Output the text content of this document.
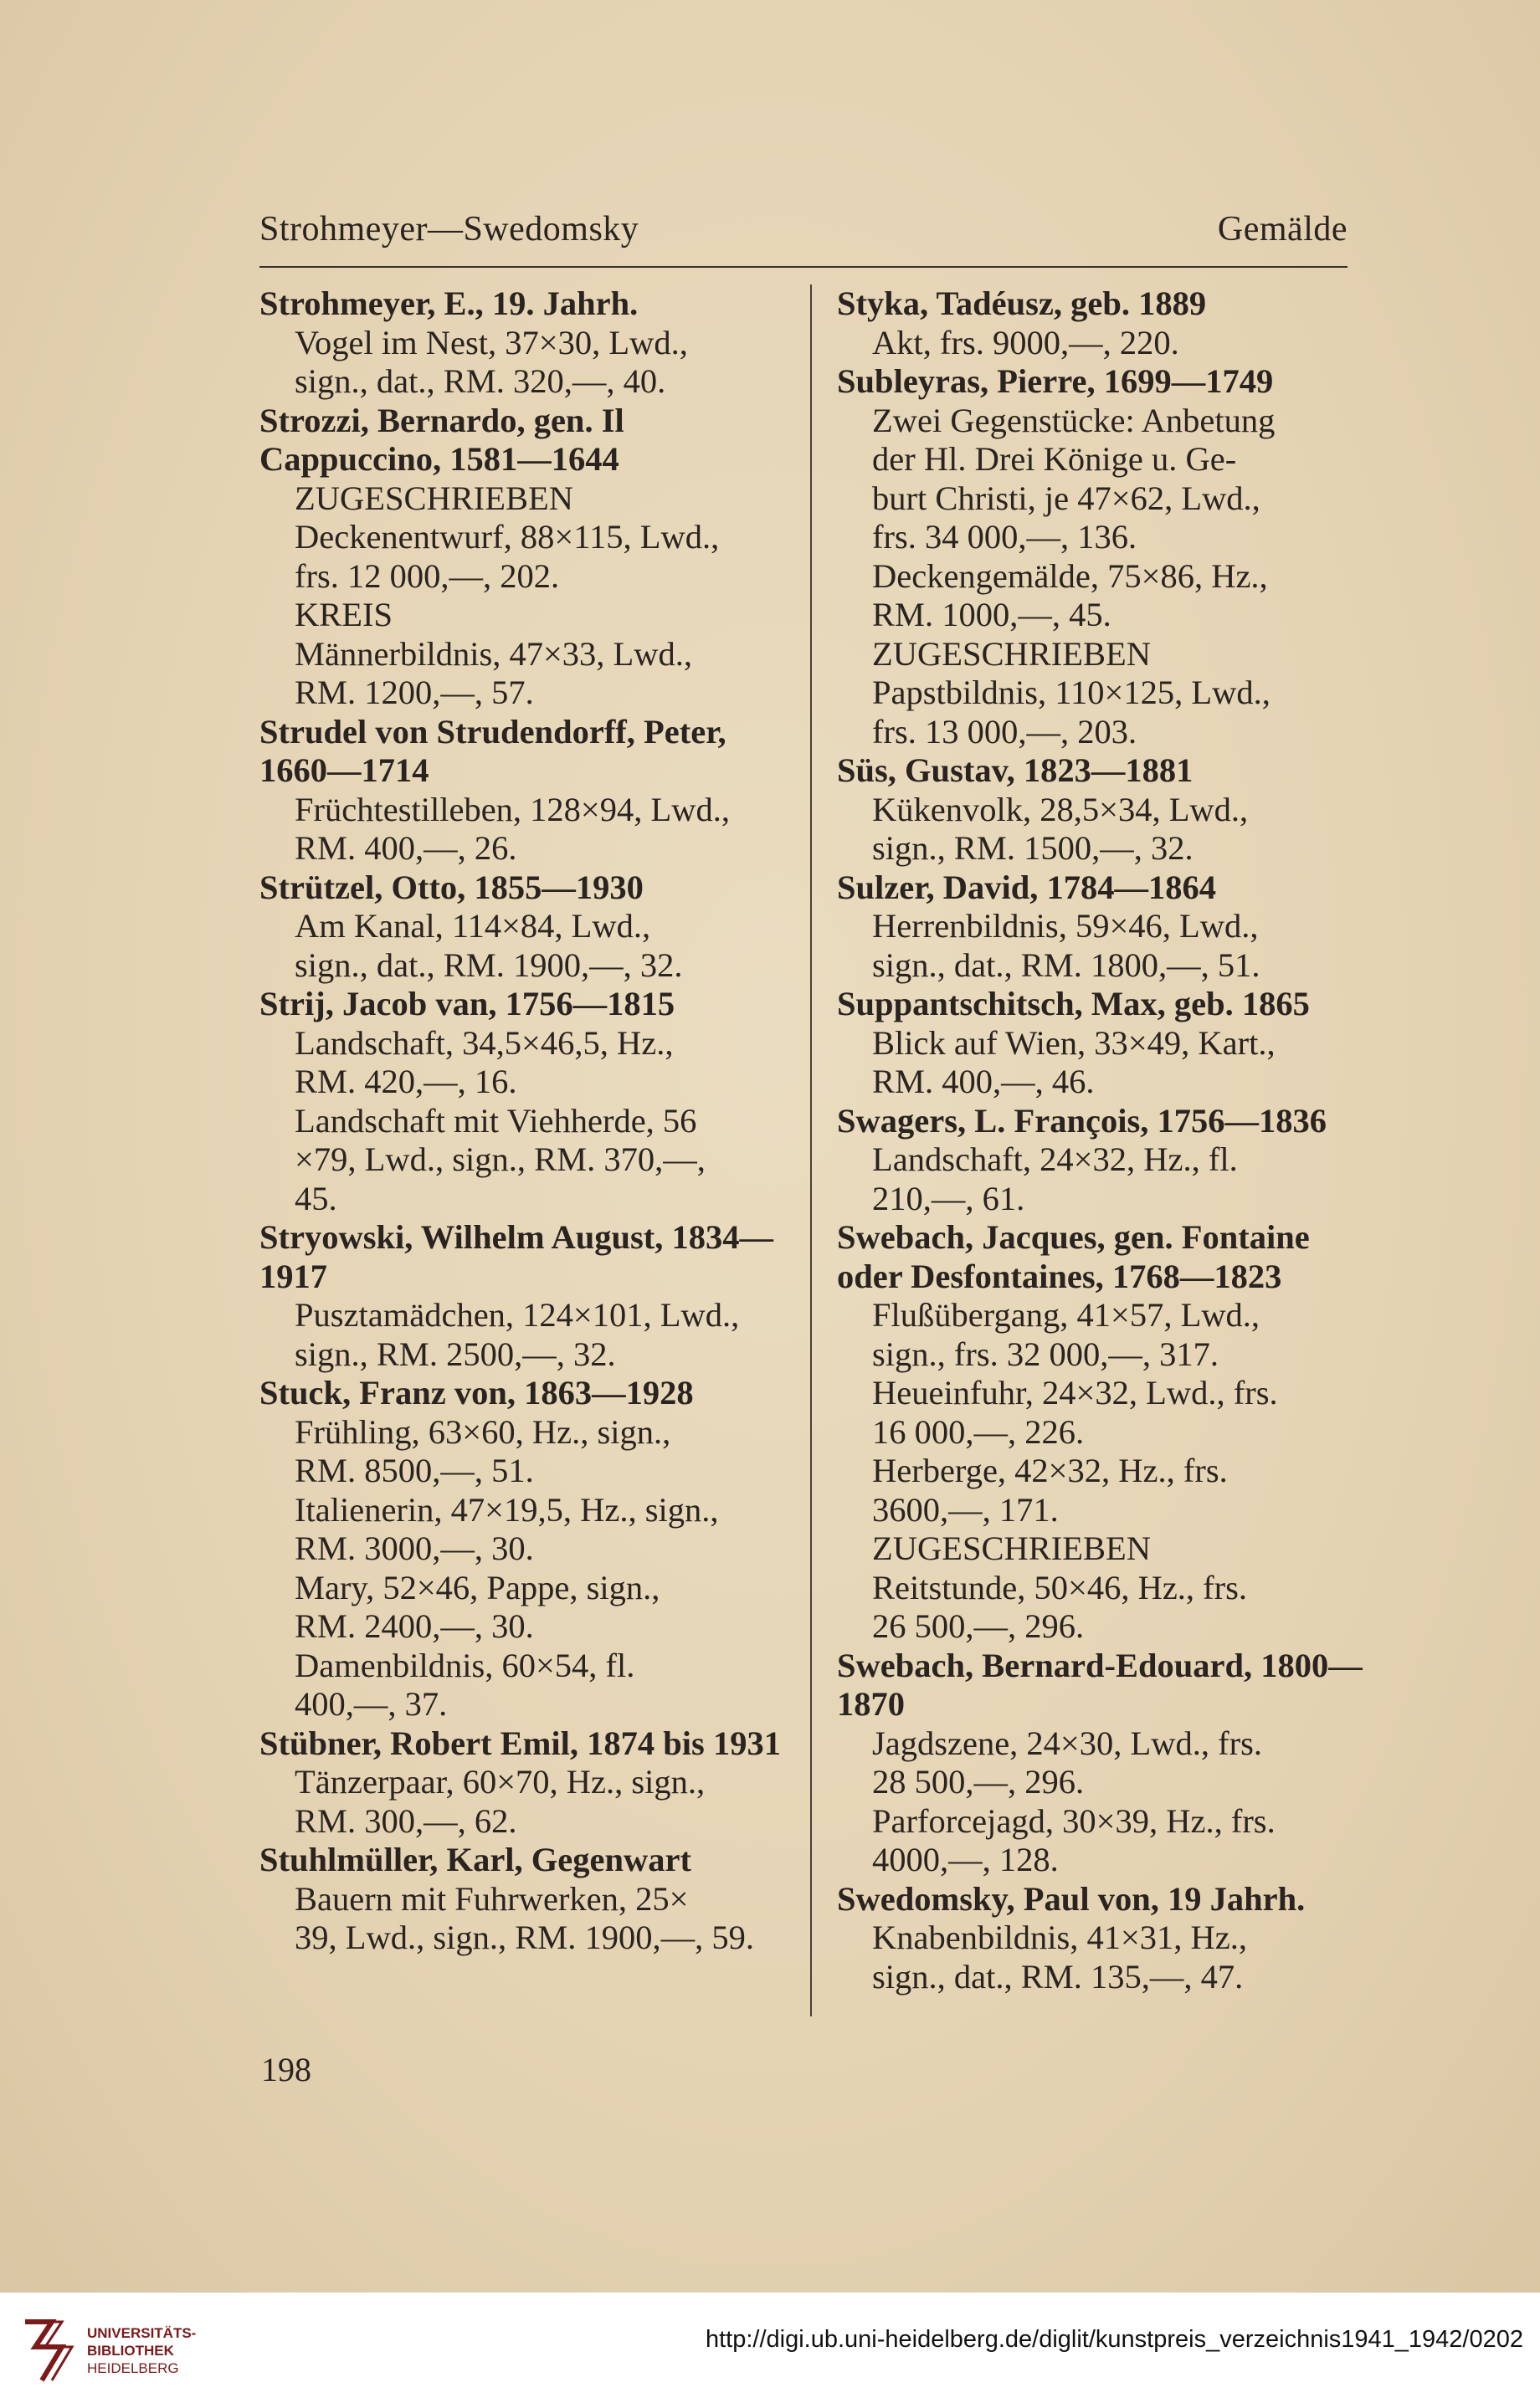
Strohmeyer—Swedomsky	Gemälde
Strohmeyer, E., 19. Jahrh.
Vogel im Nest, 37×30, Lwd.,
sign., dat., RM. 320,—, 40.
Strozzi, Bernardo, gen. Il Cappuccino, 1581—1644
ZUGESCHRIEBEN
Deckenentwurf, 88×115, Lwd.,
frs. 12 000,—, 202.
KREIS
Männerbildnis, 47×33, Lwd.,
RM. 1200,—, 57.
Strudel von Strudendorff, Peter, 1660—1714
Früchtestilleben, 128×94, Lwd.,
RM. 400,—, 26.
Strützel, Otto, 1855—1930
Am Kanal, 114×84, Lwd.,
sign., dat., RM. 1900,—, 32.
Strij, Jacob van, 1756—1815
Landschaft, 34,5×46,5, Hz.,
RM. 420,—, 16.
Landschaft mit Viehherde, 56
×79, Lwd., sign., RM. 370,—,
45.
Stryowski, Wilhelm August, 1834—1917
Pusztamädchen, 124×101, Lwd.,
sign., RM. 2500,—, 32.
Stuck, Franz von, 1863—1928
Frühling, 63×60, Hz., sign.,
RM. 8500,—, 51.
Italienerin, 47×19,5, Hz., sign.,
RM. 3000,—, 30.
Mary, 52×46, Pappe, sign.,
RM. 2400,—, 30.
Damenbildnis, 60×54, fl.
400,—, 37.
Stübner, Robert Emil, 1874 bis 1931
Tänzerpaar, 60×70, Hz., sign.,
RM. 300,—, 62.
Stuhlmüller, Karl, Gegenwart
Bauern mit Fuhrwerken, 25×
39, Lwd., sign., RM. 1900,—, 59.
Styka, Tadéusz, geb. 1889
Akt, frs. 9000,—, 220.
Subleyras, Pierre, 1699—1749
Zwei Gegenstücke: Anbetung
der Hl. Drei Könige u. Ge-
burt Christi, je 47×62, Lwd.,
frs. 34 000,—, 136.
Deckengemälde, 75×86, Hz.,
RM. 1000,—, 45.
ZUGESCHRIEBEN
Papstbildnis, 110×125, Lwd.,
frs. 13 000,—, 203.
Süs, Gustav, 1823—1881
Kükenvolk, 28,5×34, Lwd.,
sign., RM. 1500,—, 32.
Sulzer, David, 1784—1864
Herrenbildnis, 59×46, Lwd.,
sign., dat., RM. 1800,—, 51.
Suppantschitsch, Max, geb. 1865
Blick auf Wien, 33×49, Kart.,
RM. 400,—, 46.
Swagers, L. François, 1756—1836
Landschaft, 24×32, Hz., fl.
210,—, 61.
Swebach, Jacques, gen. Fontaine oder Desfontaines, 1768—1823
Flußübergang, 41×57, Lwd.,
sign., frs. 32 000,—, 317.
Heueinfuhr, 24×32, Lwd., frs.
16 000,—, 226.
Herberge, 42×32, Hz., frs.
3600,—, 171.
ZUGESCHRIEBEN
Reitstunde, 50×46, Hz., frs.
26 500,—, 296.
Swebach, Bernard-Edouard, 1800—1870
Jagdszene, 24×30, Lwd., frs.
28 500,—, 296.
Parforcejagd, 30×39, Hz., frs.
4000,—, 128.
Swedomsky, Paul von, 19 Jahrh.
Knabenbildnis, 41×31, Hz.,
sign., dat., RM. 135,—, 47.
198
UNIVERSITÄTS-
BIBLIOTHEK
HEIDELBERG
http://digi.ub.uni-heidelberg.de/diglit/kunstpreis_verzeichnis1941_1942/0202
